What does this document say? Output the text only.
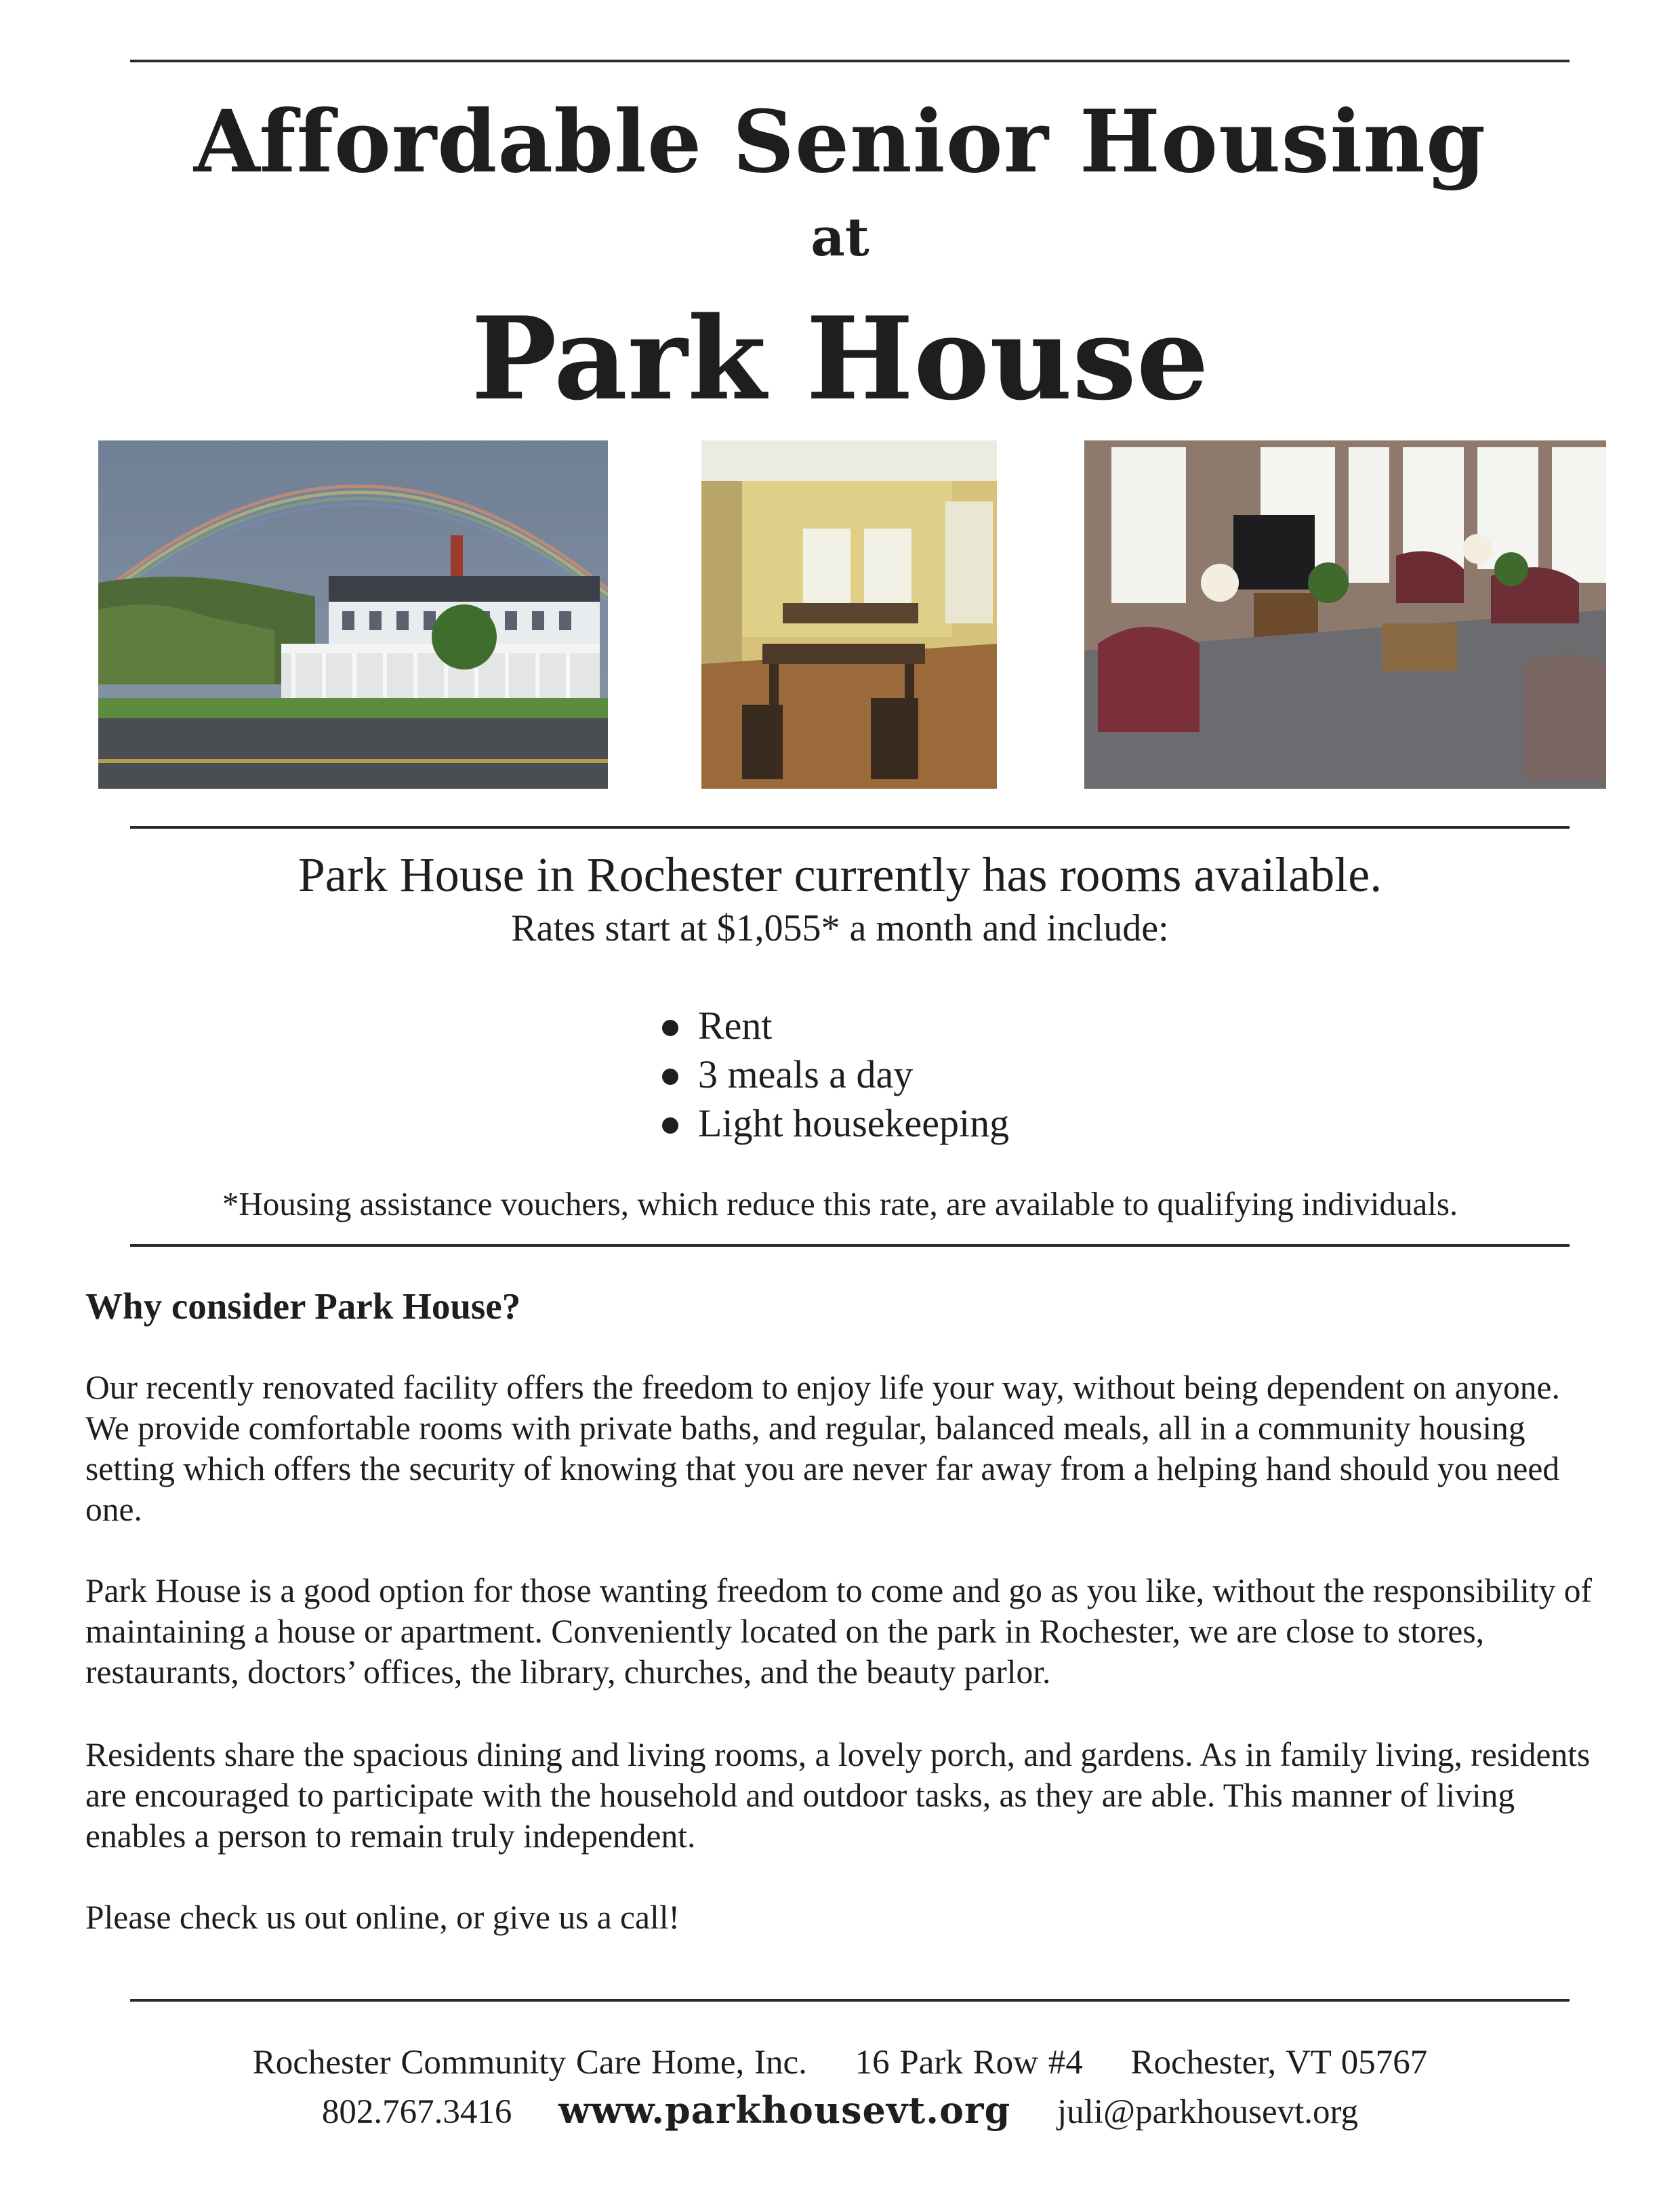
Affordable Senior Housing
at
Park House
Park House in Rochester currently has rooms available.
Rates start at $1,055* a month and include:
Rent
3 meals a day
Light housekeeping
*Housing assistance vouchers, which reduce this rate, are available to qualifying individuals.
Why consider Park House?

Our recently renovated facility offers the freedom to enjoy life your way, without being dependent on anyone. We provide comfortable rooms with private baths, and regular, balanced meals, all in a community housing setting which offers the security of knowing that you are never far away from a helping hand should you need one.

Park House is a good option for those wanting freedom to come and go as you like, without the responsibility of maintaining a house or apartment. Conveniently located on the park in Rochester, we are close to stores, restaurants, doctors’ offices, the library, churches, and the beauty parlor.

Residents share the spacious dining and living rooms, a lovely porch, and gardens. As in family living, residents are encouraged to participate with the household and outdoor tasks, as they are able. This manner of living enables a person to remain truly independent.

Please check us out online, or give us a call!

Rochester Community Care Home, Inc. 16 Park Row #4 Rochester, VT 05767
802.767.3416 www.parkhousevt.org juli@parkhousevt.org
